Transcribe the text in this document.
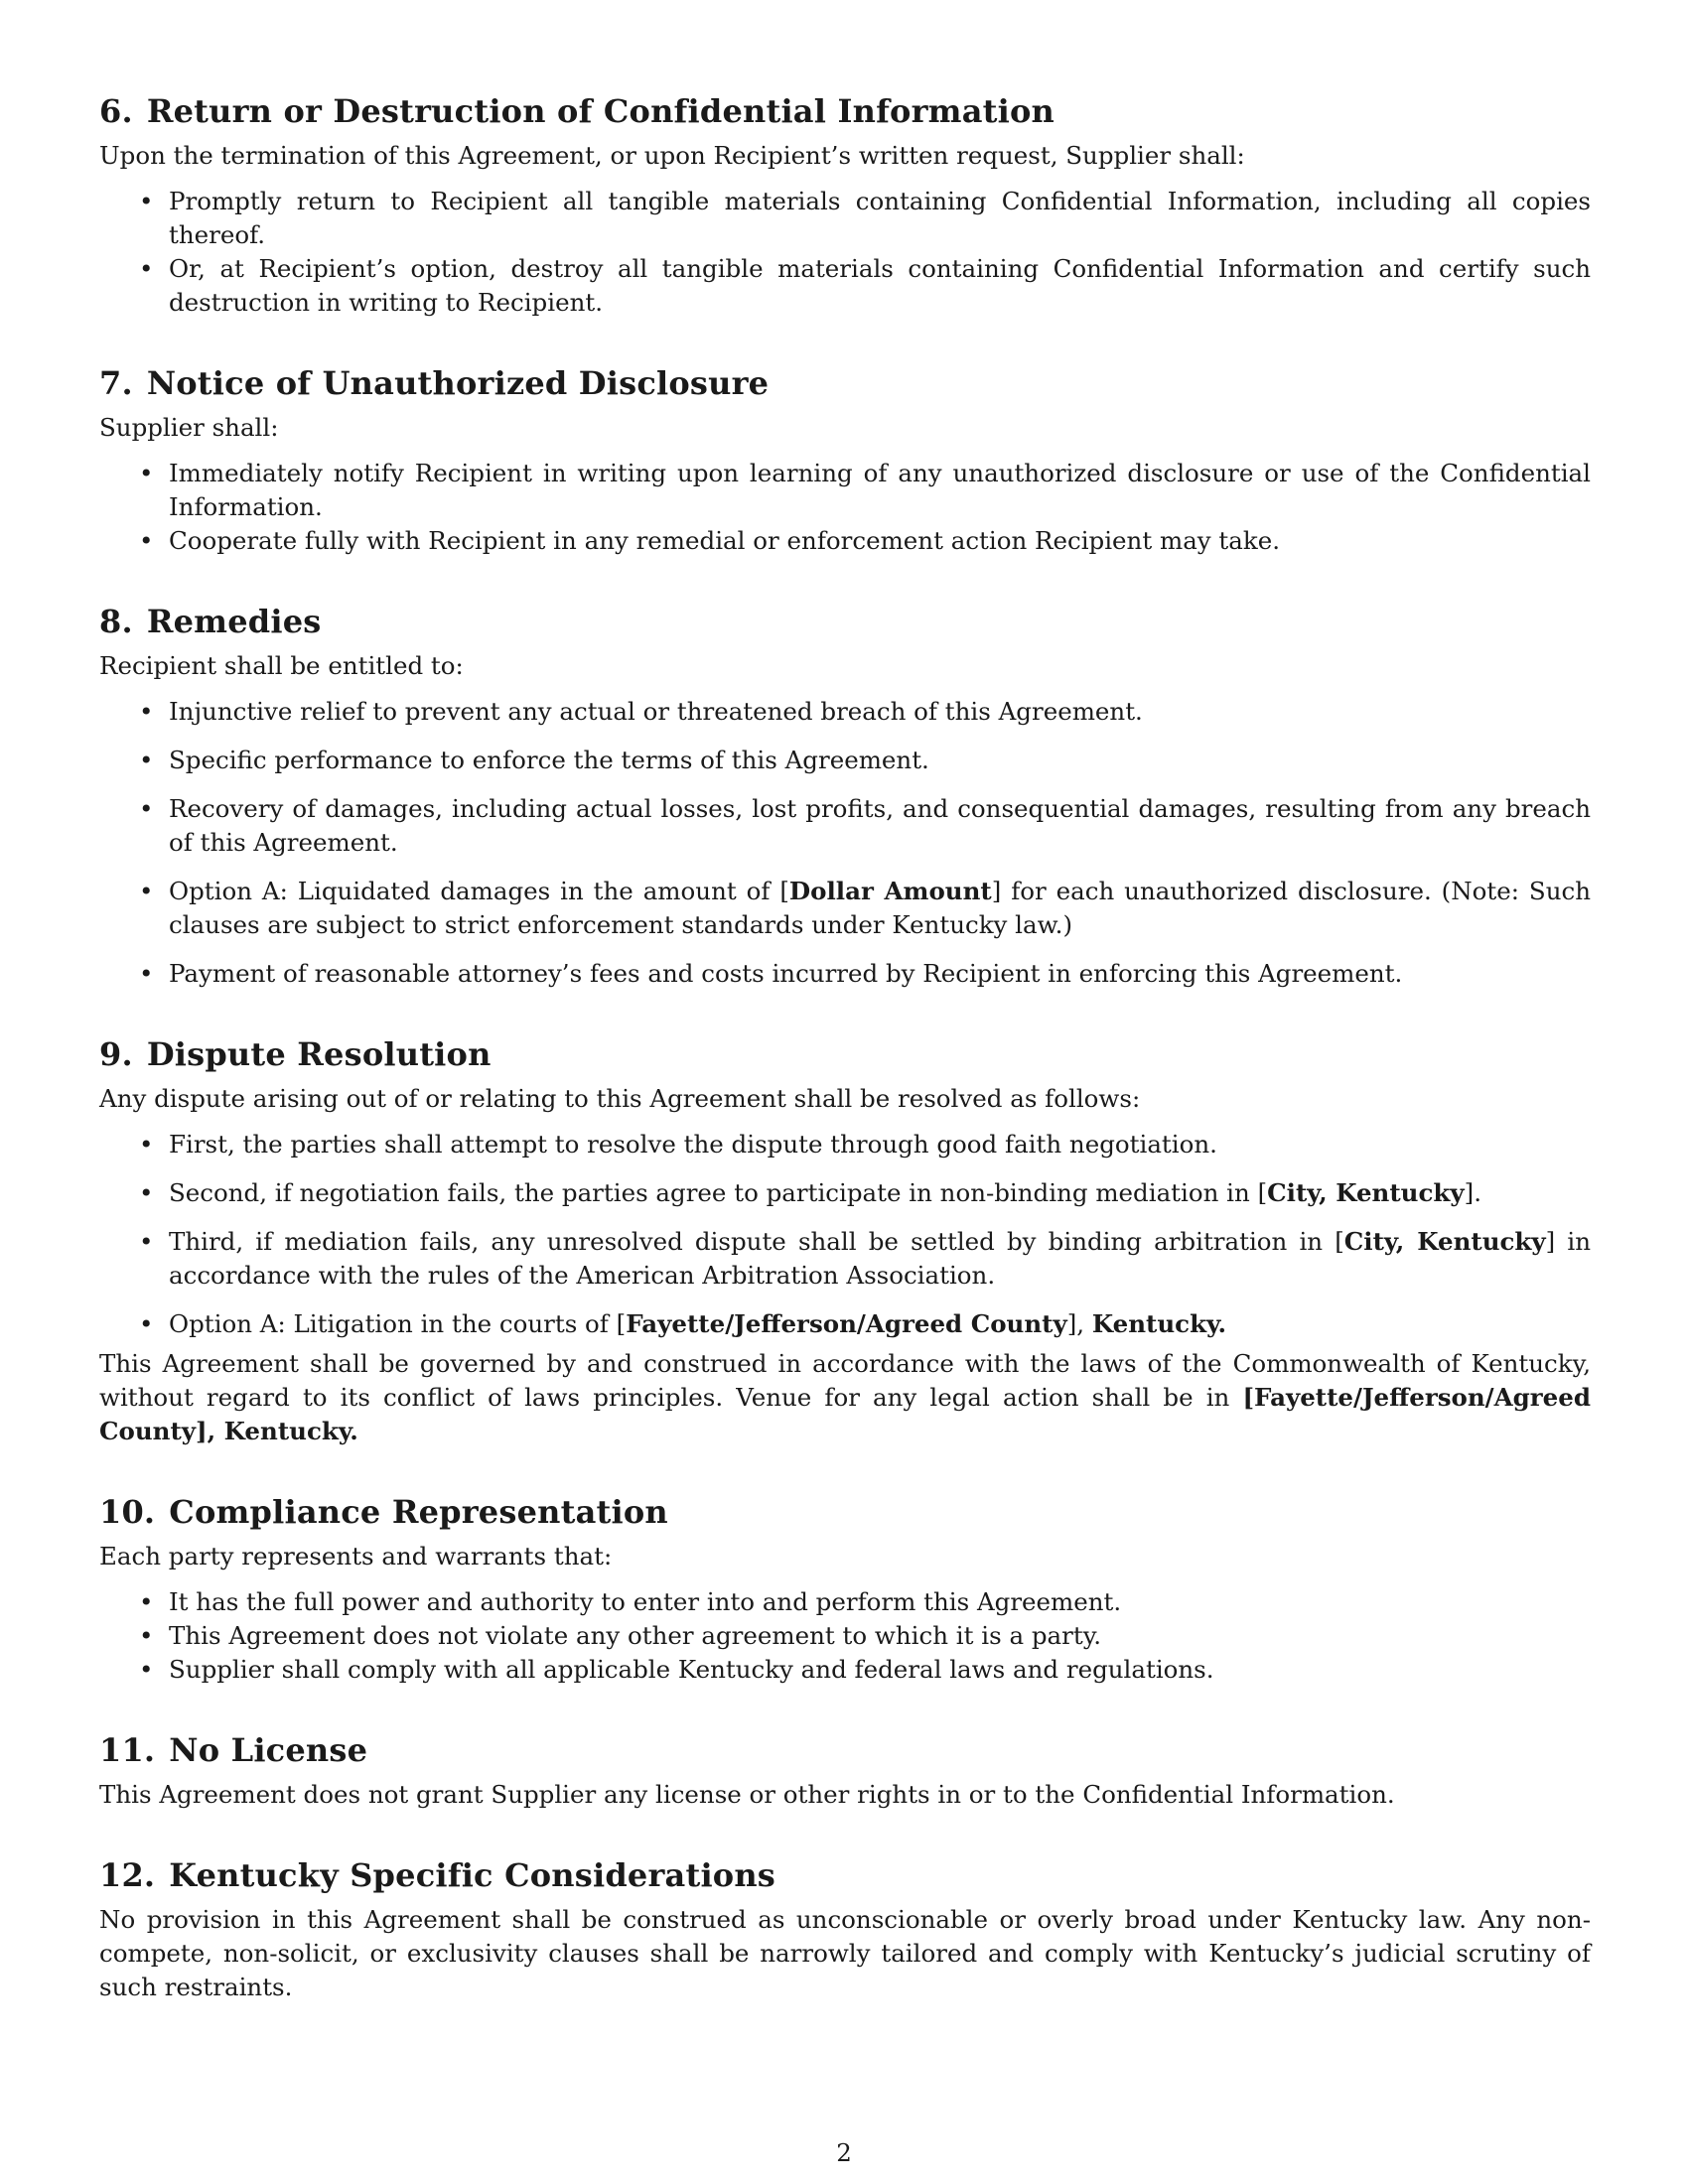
6. Return or Destruction of Confidential Information

Upon the termination of this Agreement, or upon Recipient’s written request, Supplier shall:

• Promptly return to Recipient all tangible materials containing Confidential Information, including all copies thereof.
• Or, at Recipient’s option, destroy all tangible materials containing Confidential Information and certify such destruction in writing to Recipient.
7. Notice of Unauthorized Disclosure

Supplier shall:

• Immediately notify Recipient in writing upon learning of any unauthorized disclosure or use of the Confidential Information.
• Cooperate fully with Recipient in any remedial or enforcement action Recipient may take.
8. Remedies

Recipient shall be entitled to:

• Injunctive relief to prevent any actual or threatened breach of this Agreement.
• Specific performance to enforce the terms of this Agreement.
• Recovery of damages, including actual losses, lost profits, and consequential damages, resulting from any breach of this Agreement.
• Option A: Liquidated damages in the amount of [Dollar Amount] for each unauthorized disclosure. (Note: Such clauses are subject to strict enforcement standards under Kentucky law.)
• Payment of reasonable attorney’s fees and costs incurred by Recipient in enforcing this Agreement.
9. Dispute Resolution

Any dispute arising out of or relating to this Agreement shall be resolved as follows:

• First, the parties shall attempt to resolve the dispute through good faith negotiation.
• Second, if negotiation fails, the parties agree to participate in non-binding mediation in [City, Kentucky].
• Third, if mediation fails, any unresolved dispute shall be settled by binding arbitration in [City, Kentucky] in accordance with the rules of the American Arbitration Association.
• Option A: Litigation in the courts of [Fayette/Jefferson/Agreed County], Kentucky.

This Agreement shall be governed by and construed in accordance with the laws of the Commonwealth of Kentucky, without regard to its conflict of laws principles. Venue for any legal action shall be in [Fayette/Jefferson/Agreed County], Kentucky.

10. Compliance Representation

Each party represents and warrants that:

• It has the full power and authority to enter into and perform this Agreement.
• This Agreement does not violate any other agreement to which it is a party.
• Supplier shall comply with all applicable Kentucky and federal laws and regulations.
11. No License

This Agreement does not grant Supplier any license or other rights in or to the Confidential Information.

12. Kentucky Specific Considerations

No provision in this Agreement shall be construed as unconscionable or overly broad under Kentucky law. Any non-compete, non-solicit, or exclusivity clauses shall be narrowly tailored and comply with Kentucky’s judicial scrutiny of such restraints.

2
